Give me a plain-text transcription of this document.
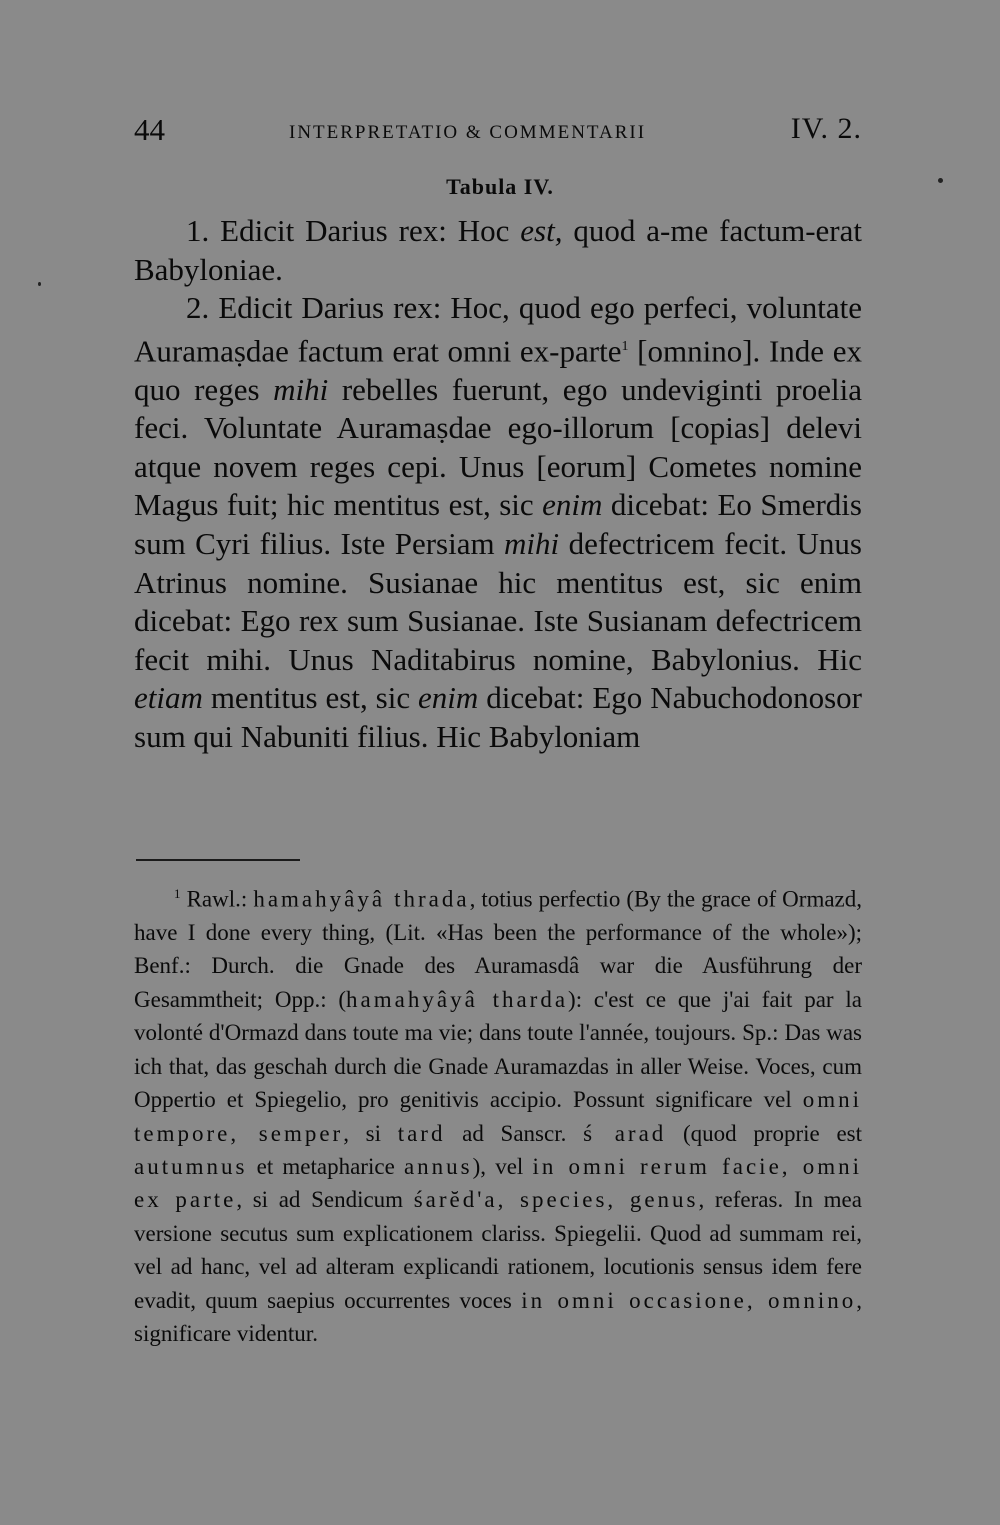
44	INTERPRETATIO & COMMENTARII	IV. 2.
Tabula IV.

1. Edicit Darius rex: Hoc est, quod a-me factum-erat Babyloniae.

2. Edicit Darius rex: Hoc, quod ego perfeci, voluntate Auramaṣdae factum erat omni ex-parte$^1$ [omnino]. Inde ex quo reges mihi rebelles fuerunt, ego undeviginti proelia feci. Voluntate Auramaṣdae ego-illorum [copias] delevi atque novem reges cepi. Unus [eorum] Cometes nomine Magus fuit; hic mentitus est, sic enim dicebat: Eo Smerdis sum Cyri filius. Iste Persiam mihi defectricem fecit. Unus Atrinus nomine. Susianae hic mentitus est, sic enim dicebat: Ego rex sum Susianae. Iste Susianam defectricem fecit mihi. Unus Naditabirus nomine, Babylonius. Hic etiam mentitus est, sic enim dicebat: Ego Nabuchodonosor sum qui Nabuniti filius. Hic Babyloniam

$^1$ Rawl.: hamahyâyâ thrada, totius perfectio (By the grace of Ormazd, have I done every thing, (Lit. «Has been the performance of the whole»); Benf.: Durch. die Gnade des Auramasdâ war die Ausführung der Gesammtheit; Opp.: (hamahyâyâ tharda): c'est ce que j'ai fait par la volonté d'Ormazd dans toute ma vie; dans toute l'année, toujours. Sp.: Das was ich that, das geschah durch die Gnade Auramazdas in aller Weise. Voces, cum Oppertio et Spiegelio, pro genitivis accipio. Possunt significare vel omni tempore, semper, si tard ad Sanscr. ś arad (quod proprie est autumnus et metapharice annus), vel in omni rerum facie, omni ex parte, si ad Sendicum śarĕd'a, species, genus, referas. In mea versione secutus sum explicationem clariss. Spiegelii. Quod ad summam rei, vel ad hanc, vel ad alteram explicandi rationem, locutionis sensus idem fere evadit, quum saepius occurrentes voces in omni occasione, omnino, significare videntur.
